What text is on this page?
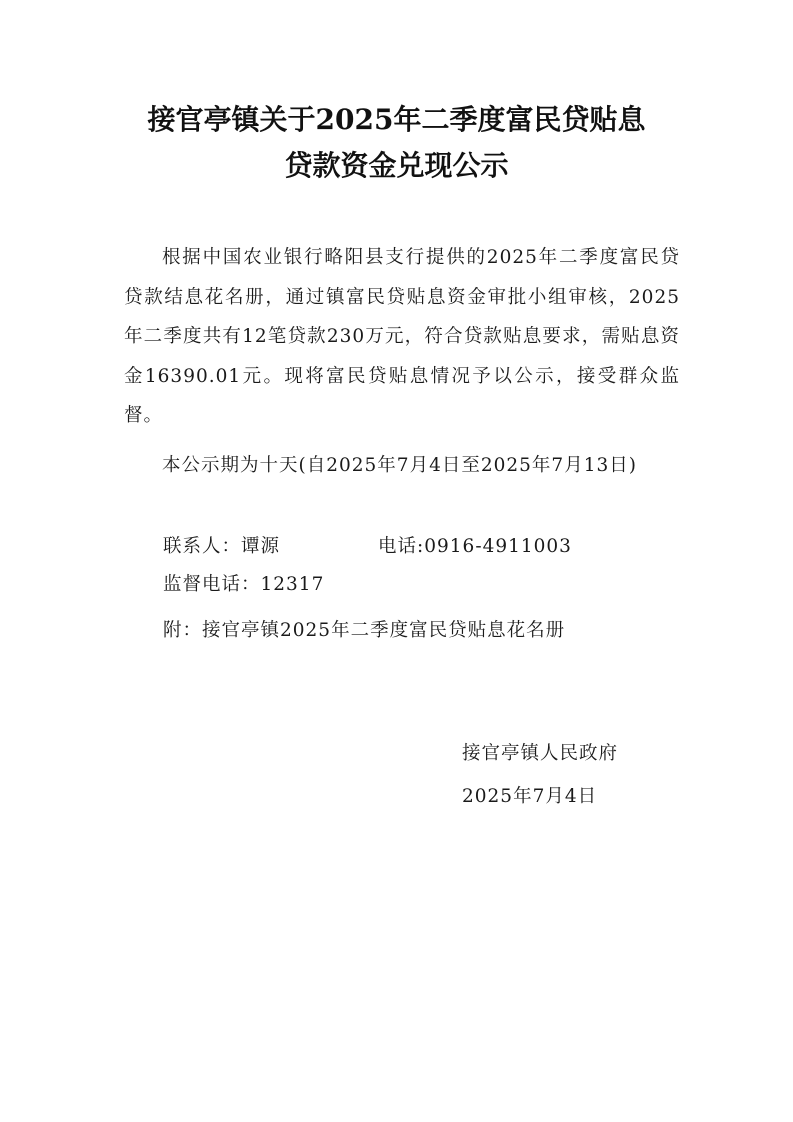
接官亭镇关于2025年二季度富民贷贴息
贷款资金兑现公示

根据中国农业银行略阳县支行提供的2025年二季度富民贷贷款结息花名册，通过镇富民贷贴息资金审批小组审核，2025年二季度共有12笔贷款230万元，符合贷款贴息要求，需贴息资金16390.01元。现将富民贷贴息情况予以公示，接受群众监督。

本公示期为十天(自2025年7月4日至2025年7月13日)

联系人：谭源	电话:0916-4911003
监督电话：12317
附：接官亭镇2025年二季度富民贷贴息花名册
接官亭镇人民政府
2025年7月4日
